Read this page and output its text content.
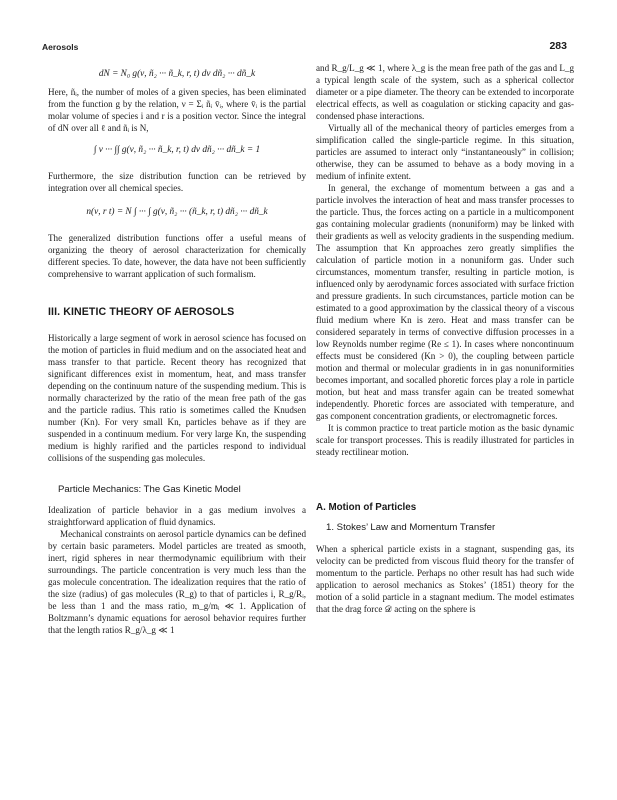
Aerosols	283
dN = N₀ g(ν, ñ₂ ··· ñ_k, r, t) dν dñ₂ ··· dñ_k

Here, ñᵢ, the number of moles of a given species, has been eliminated from the function g by the relation, ν = Σᵢ ñᵢ v̄ᵢ, where v̄ᵢ is the partial molar volume of species i and r is a position vector. Since the integral of dN over all ℓ and ñᵢ is N,

∫ ν ··· ∫∫ g(ν, ñ₂ ··· ñ_k, r, t) dν dñ₂ ··· dñ_k = 1

Furthermore, the size distribution function can be retrieved by integration over all chemical species.

n(ν, r t) = N ∫ ··· ∫ g(ν, ñ₂ ··· (ñ_k, r, t) dñ₂ ··· dñ_k

The generalized distribution functions offer a useful means of organizing the theory of aerosol characterization for chemically different species. To date, however, the data have not been sufficiently comprehensive to warrant application of such formalism.

III. KINETIC THEORY OF AEROSOLS

Historically a large segment of work in aerosol science has focused on the motion of particles in fluid medium and on the associated heat and mass transfer to that particle. Recent theory has recognized that significant differences exist in momentum, heat, and mass transfer depending on the continuum nature of the suspending medium. This is normally characterized by the ratio of the mean free path of the gas and the particle radius. This ratio is sometimes called the Knudsen number (Kn). For very small Kn, particles behave as if they are suspended in a continuum medium. For very large Kn, the suspending medium is highly rarified and the particles respond to individual collisions of the suspending gas molecules.

Particle Mechanics: The Gas Kinetic Model

Idealization of particle behavior in a gas medium involves a straightforward application of fluid dynamics.

Mechanical constraints on aerosol particle dynamics can be defined by certain basic parameters. Model particles are treated as smooth, inert, rigid spheres in near thermodynamic equilibrium with their surroundings. The particle concentration is very much less than the gas molecule concentration. The idealization requires that the ratio of the size (radius) of gas molecules (R_g) to that of particles i, R_g/Rᵢ, be less than 1 and the mass ratio, m_g/mᵢ ≪ 1. Application of Boltzmann’s dynamic equations for aerosol behavior requires further that the length ratios R_g/λ_g ≪ 1

and R_g/L_g ≪ 1, where λ_g is the mean free path of the gas and L_g a typical length scale of the system, such as a spherical collector diameter or a pipe diameter. The theory can be extended to incorporate electrical effects, as well as coagulation or sticking capacity and gas-condensed phase interactions.

Virtually all of the mechanical theory of particles emerges from a simplification called the single-particle regime. In this situation, particles are assumed to interact only “instantaneously” in collision; otherwise, they can be assumed to behave as a body moving in a medium of infinite extent.

In general, the exchange of momentum between a gas and a particle involves the interaction of heat and mass transfer processes to the particle. Thus, the forces acting on a particle in a multicomponent gas containing molecular gradients (nonuniform) may be linked with their gradients as well as velocity gradients in the suspending medium. The assumption that Kn approaches zero greatly simplifies the calculation of particle motion in a nonuniform gas. Under such circumstances, momentum transfer, resulting in particle motion, is influenced only by aerodynamic forces associated with surface friction and pressure gradients. In such circumstances, particle motion can be estimated to a good approximation by the classical theory of a viscous fluid medium where Kn is zero. Heat and mass transfer can be considered separately in terms of convective diffusion processes in a low Reynolds number regime (Re ≤ 1). In cases where noncontinuum effects must be considered (Kn > 0), the coupling between particle motion and thermal or molecular gradients in in gas nonuniformities becomes important, and socalled phoretic forces play a role in particle motion, but heat and mass transfer again can be treated somewhat independently. Phoretic forces are associated with temperature, and gas component concentration gradients, or electromagnetic forces.

It is common practice to treat particle motion as the basic dynamic scale for transport processes. This is readily illustrated for particles in steady rectilinear motion.

A. Motion of Particles
1. Stokes’ Law and Momentum Transfer

When a spherical particle exists in a stagnant, suspending gas, its velocity can be predicted from viscous fluid theory for the transfer of momentum to the particle. Perhaps no other result has had such wide application to aerosol mechanics as Stokes’ (1851) theory for the motion of a solid particle in a stagnant medium. The model estimates that the drag force 𝒟 acting on the sphere is
